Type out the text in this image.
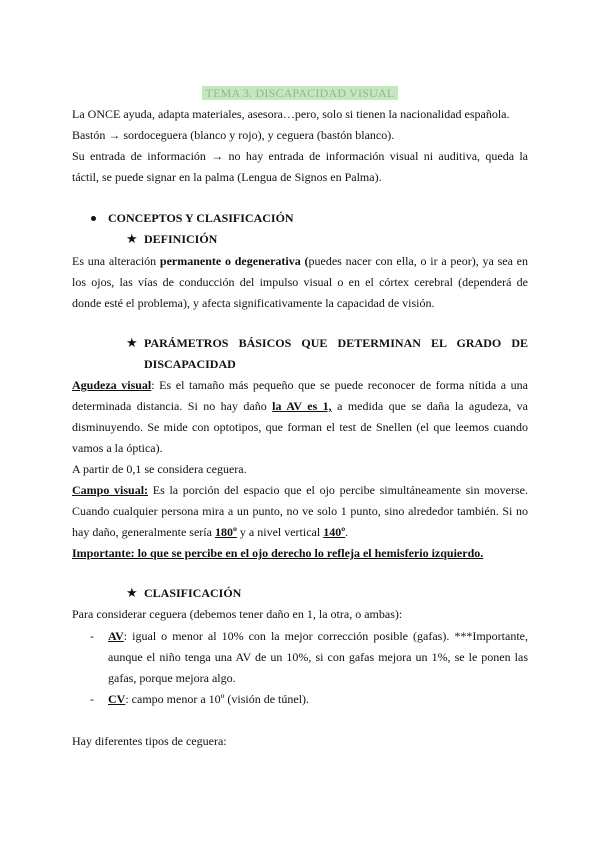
TEMA 3. DISCAPACIDAD VISUAL
La ONCE ayuda, adapta materiales, asesora…pero, solo si tienen la nacionalidad española.
Bastón → sordoceguera (blanco y rojo), y ceguera (bastón blanco).
Su entrada de información → no hay entrada de información visual ni auditiva, queda la
táctil, se puede signar en la palma (Lengua de Signos en Palma).
CONCEPTOS Y CLASIFICACIÓN
★ DEFINICIÓN
Es una alteración permanente o degenerativa (puedes nacer con ella, o ir a peor), ya sea en
los ojos, las vías de conducción del impulso visual o en el córtex cerebral (dependerá de
donde esté el problema), y afecta significativamente la capacidad de visión.
★ PARÁMETROS BÁSICOS QUE DETERMINAN EL GRADO DE
DISCAPACIDAD
Agudeza visual: Es el tamaño más pequeño que se puede reconocer de forma nítida a una
determinada distancia. Si no hay daño la AV es 1, a medida que se daña la agudeza, va
disminuyendo. Se mide con optotipos, que forman el test de Snellen (el que leemos cuando
vamos a la óptica).
A partir de 0,1 se considera ceguera.
Campo visual: Es la porción del espacio que el ojo percibe simultáneamente sin moverse.
Cuando cualquier persona mira a un punto, no ve solo 1 punto, sino alrededor también. Si no
hay daño, generalmente sería 180º y a nivel vertical 140º.
Importante: lo que se percibe en el ojo derecho lo refleja el hemisferio izquierdo.
★ CLASIFICACIÓN
Para considerar ceguera (debemos tener daño en 1, la otra, o ambas):
- AV: igual o menor al 10% con la mejor corrección posible (gafas). ***Importante,
aunque el niño tenga una AV de un 10%, si con gafas mejora un 1%, se le ponen las
gafas, porque mejora algo.
- CV: campo menor a 10º (visión de túnel).
Hay diferentes tipos de ceguera:
